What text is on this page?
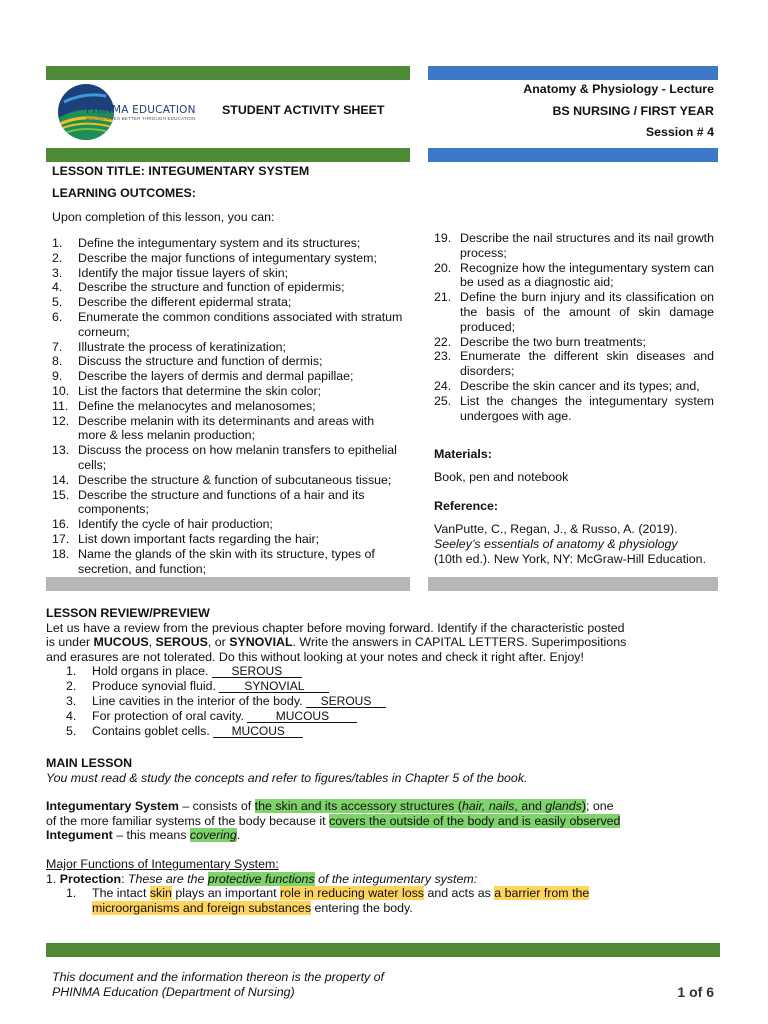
PHINMA EDUCATION
MAKING LIVES BETTER THROUGH EDUCATION
STUDENT ACTIVITY SHEET
Anatomy & Physiology - Lecture
BS NURSING / FIRST YEAR
Session # 4
LESSON TITLE: INTEGUMENTARY SYSTEM
LEARNING OUTCOMES:
Upon completion of this lesson, you can:
1.	Define the integumentary system and its structures;
2.	Describe the major functions of integumentary system;
3.	Identify the major tissue layers of skin;
4.	Describe the structure and function of epidermis;
5.	Describe the different epidermal strata;
6.	Enumerate the common conditions associated with stratum corneum;
7.	Illustrate the process of keratinization;
8.	Discuss the structure and function of dermis;
9.	Describe the layers of dermis and dermal papillae;
10. List the factors that determine the skin color;
11. Define the melanocytes and melanosomes;
12. Describe melanin with its determinants and areas with more & less melanin production;
13. Discuss the process on how melanin transfers to epithelial cells;
14. Describe the structure & function of subcutaneous tissue;
15. Describe the structure and functions of a hair and its components;
16. Identify the cycle of hair production;
17. List down important facts regarding the hair;
18. Name the glands of the skin with its structure, types of secretion, and function;
19. Describe the nail structures and its nail growth process;
20. Recognize how the integumentary system can be used as a diagnostic aid;
21. Define the burn injury and its classification on the basis of the amount of skin damage produced;
22. Describe the two burn treatments;
23. Enumerate the different skin diseases and disorders;
24. Describe the skin cancer and its types; and,
25. List the changes the integumentary system undergoes with age.
Materials:
Book, pen and notebook
Reference:
VanPutte, C., Regan, J., & Russo, A. (2019).
Seeley’s essentials of anatomy & physiology
(10th ed.). New York, NY: McGraw-Hill Education.
LESSON REVIEW/PREVIEW
Let us have a review from the previous chapter before moving forward. Identify if the characteristic posted
is under MUCOUS, SEROUS, or SYNOVIAL. Write the answers in CAPITAL LETTERS. Superimpositions
and erasures are not tolerated. Do this without looking at your notes and check it right after. Enjoy!
1.	Hold organs in place. SEROUS
2.	Produce synovial fluid. SYNOVIAL
3.	Line cavities in the interior of the body. SEROUS
4.	For protection of oral cavity.	MUCOUS
5.	Contains goblet cells. MUCOUS
MAIN LESSON
You must read & study the concepts and refer to figures/tables in Chapter 5 of the book.
Integumentary System – consists of the skin and its accessory structures (hair, nails, and glands); one
of the more familiar systems of the body because it covers the outside of the body and is easily observed
Integument – this means covering.
Major Functions of Integumentary System:
1. Protection: These are the protective functions of the integumentary system:
1. The intact skin plays an important role in reducing water loss and acts as a barrier from the
microorganisms and foreign substances entering the body.
This document and the information thereon is the property of
PHINMA Education (Department of Nursing)	1 of 6
